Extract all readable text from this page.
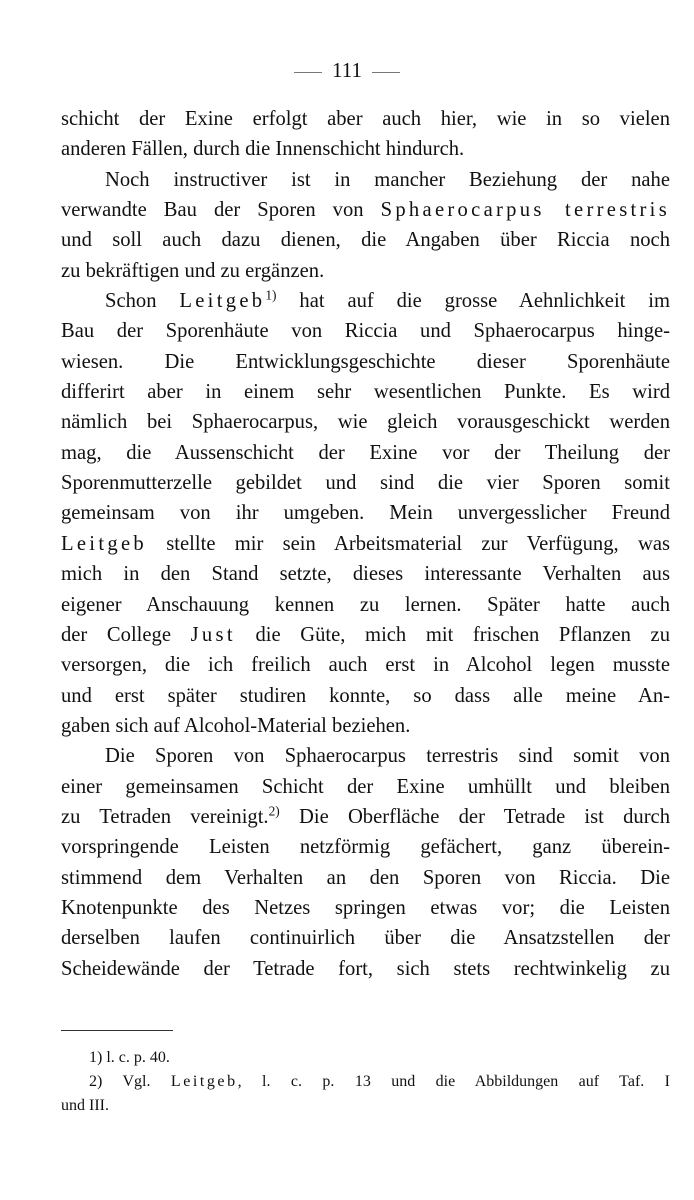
111
schicht der Exine erfolgt aber auch hier, wie in so vielen
anderen Fällen, durch die Innenschicht hindurch.
Noch instructiver ist in mancher Beziehung der nahe
verwandte Bau der Sporen von Sphaerocarpus terrestris
und soll auch dazu dienen, die Angaben über Riccia noch
zu bekräftigen und zu ergänzen.
Schon Leitgeb$^{1)}$ hat auf die grosse Aehnlichkeit im
Bau der Sporenhäute von Riccia und Sphaerocarpus hinge-
wiesen. Die Entwicklungsgeschichte dieser Sporenhäute
differirt aber in einem sehr wesentlichen Punkte. Es wird
nämlich bei Sphaerocarpus, wie gleich vorausgeschickt werden
mag, die Aussenschicht der Exine vor der Theilung der
Sporenmutterzelle gebildet und sind die vier Sporen somit
gemeinsam von ihr umgeben. Mein unvergesslicher Freund
Leitgeb stellte mir sein Arbeitsmaterial zur Verfügung, was
mich in den Stand setzte, dieses interessante Verhalten aus
eigener Anschauung kennen zu lernen. Später hatte auch
der College Just die Güte, mich mit frischen Pflanzen zu
versorgen, die ich freilich auch erst in Alcohol legen musste
und erst später studiren konnte, so dass alle meine An-
gaben sich auf Alcohol-Material beziehen.
Die Sporen von Sphaerocarpus terrestris sind somit von
einer gemeinsamen Schicht der Exine umhüllt und bleiben
zu Tetraden vereinigt.$^{2)}$ Die Oberfläche der Tetrade ist durch
vorspringende Leisten netzförmig gefächert, ganz überein-
stimmend dem Verhalten an den Sporen von Riccia. Die
Knotenpunkte des Netzes springen etwas vor; die Leisten
derselben laufen continuirlich über die Ansatzstellen der
Scheidewände der Tetrade fort, sich stets rechtwinkelig zu
1) l. c. p. 40.
2) Vgl. Leitgeb, l. c. p. 13 und die Abbildungen auf Taf. I
und III.
